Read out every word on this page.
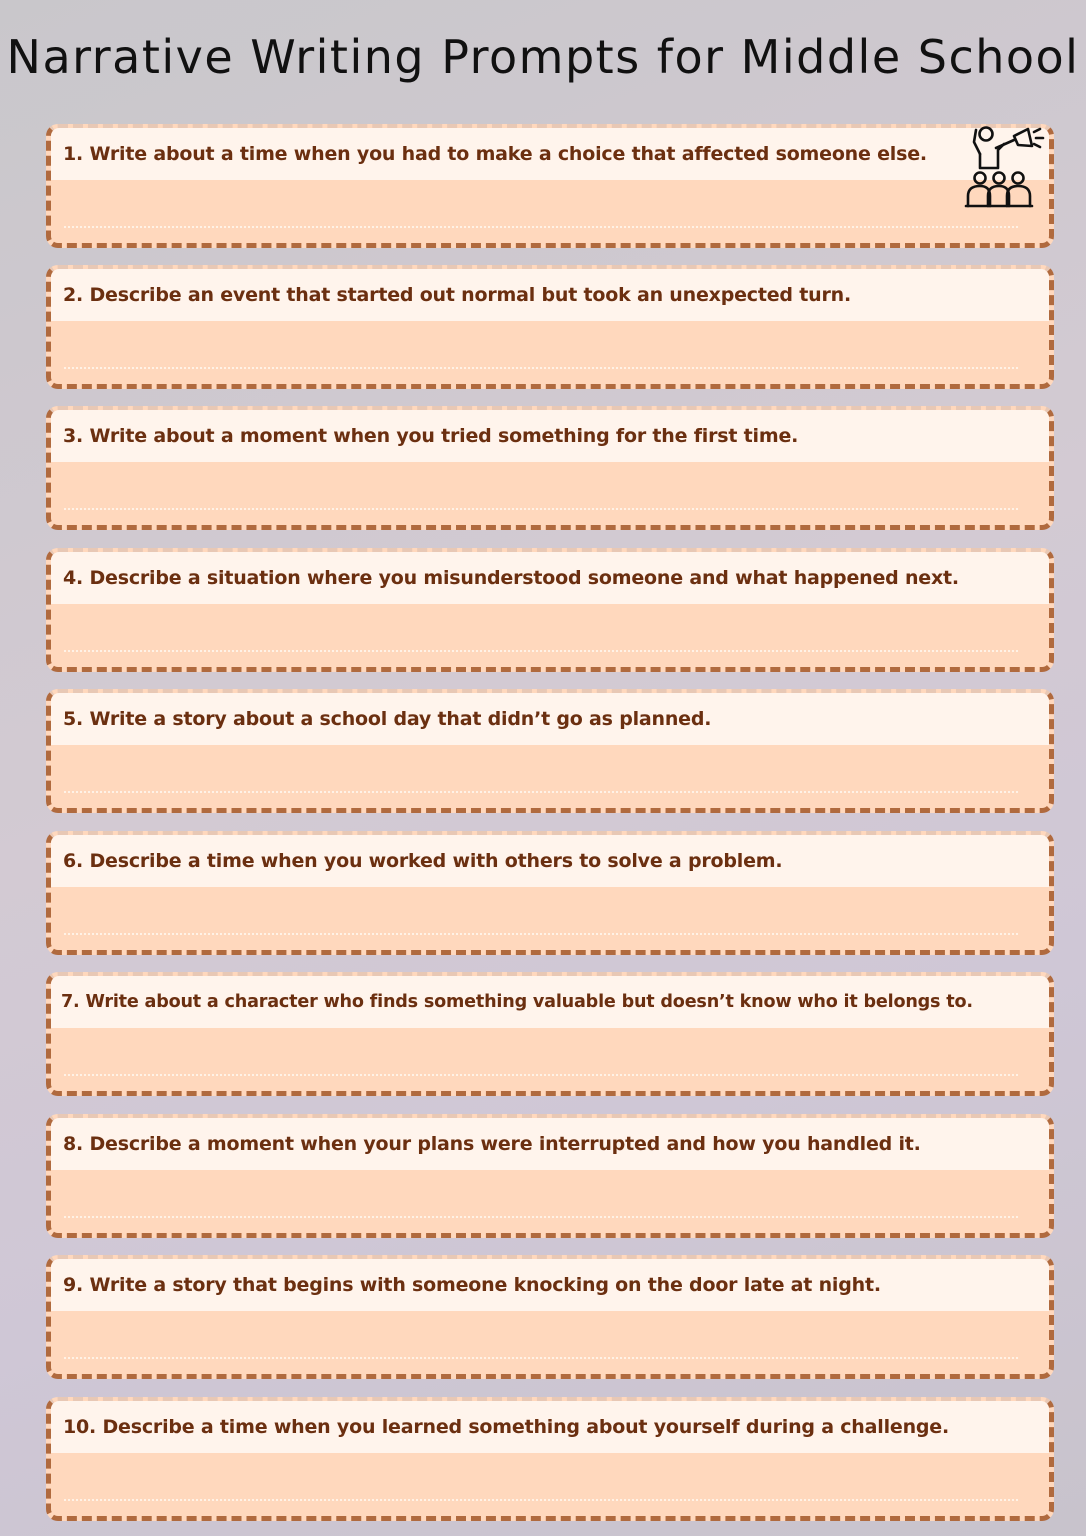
Narrative Writing Prompts for Middle School
1. Write about a time when you had to make a choice that affected someone else.
2. Describe an event that started out normal but took an unexpected turn.
3. Write about a moment when you tried something for the first time.
4. Describe a situation where you misunderstood someone and what happened next.
5. Write a story about a school day that didn’t go as planned.
6. Describe a time when you worked with others to solve a problem.
7. Write about a character who finds something valuable but doesn’t know who it belongs to.
8. Describe a moment when your plans were interrupted and how you handled it.
9. Write a story that begins with someone knocking on the door late at night.
10. Describe a time when you learned something about yourself during a challenge.
